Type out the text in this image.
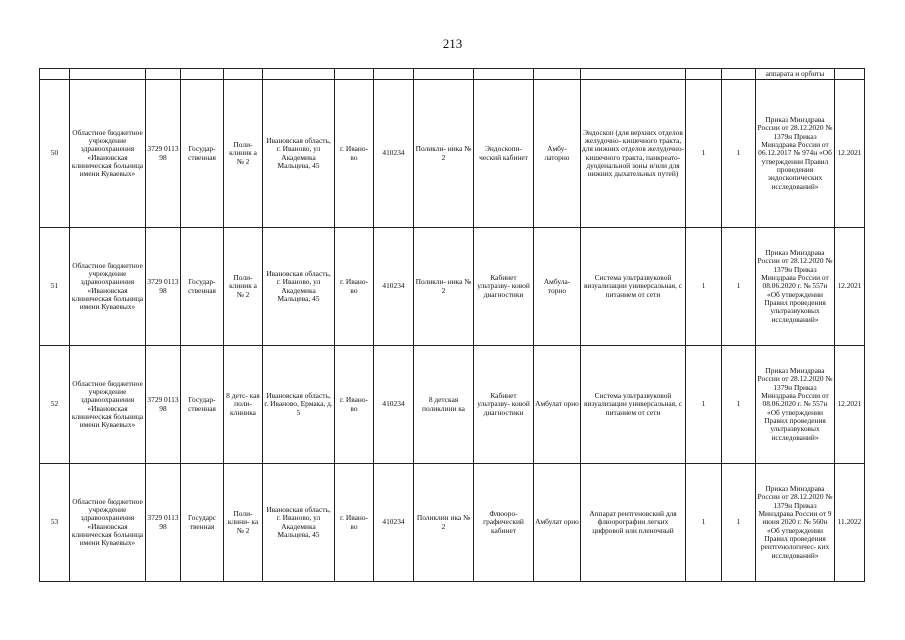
213
														аппарата и орбиты	
50	Областное бюджетное учреждение здравоохранения «Ивановская клиническая больница имени Куваевых»	3729 0113 98	Государ- ственная	Поли- клиник а № 2	Ивановская область, г. Иваново, ул Академика Мальцева, 45	г. Ивано- во	410234	Поликли- ника № 2	Эндоскопи- ческий кабинет	Амбу- латорно	Эндоскоп (для верхних отделов желудочно- кишечного тракта, для нижних отделов желудочно- кишечного тракта, панкреато- дуоденальной зоны и/или для нижних дыхательных путей)	1	1	Приказ Минздрава России от 28.12.2020 № 1379н Приказ Минздрава России от 06.12.2017 № 974н «Об утверждении Правил проведения эндоскопических исследований»	12.2021
51	Областное бюджетное учреждение здравоохранения «Ивановская клиническая больница имени Куваевых»	3729 0113 98	Государ- ственная	Поли- клиник а № 2	Ивановская область, г. Иваново, ул Академика Мальцева, 45	г. Ивано- во	410234	Поликли- ника № 2	Кабинет ультразву- ковой диагностики	Амбула- торно	Система ультразвуковой визуализации универсальная, с питанием от сети	1	1	Приказ Минздрава России от 28.12.2020 № 1379н Приказ Минздрава России от 08.06.2020 г. № 557н «Об утверждении Правил проведения ультразвуковых исследований»	12.2021
52	Областное бюджетное учреждение здравоохранения «Ивановская клиническая больница имени Куваевых»	3729 0113 98	Государ- ственная	8 детс- кая поли- клиника	Ивановская область, г. Иваново, Ермака, д. 5	г. Ивано- во	410234	8 детская поликлини ка	Кабинет ультразву- ковой диагностики	Амбулат орно	Система ультразвуковой визуализации универсальная, с питанием от сети	1	1	Приказ Минздрава России от 28.12.2020 № 1379н Приказ Минздрава России от 08.06.2020 г. № 557н «Об утверждении Правил проведения ультразвуковых исследований»	12.2021
53	Областное бюджетное учреждение здравоохранения «Ивановская клиническая больница имени Куваевых»	3729 0113 98	Государс твенная	Поли- клини- ка № 2	Ивановская область, г. Иваново, ул Академика Мальцева, 45	г. Ивано- во	410234	Поликлин ика № 2	Флюоро- графический кабинет	Амбулат орно	Аппарат рентгеновский для флюорографии легких цифровой или пленочный	1	1	Приказ Минздрава России от 28.12.2020 № 1379н Приказ Минздрава России от 9 июня 2020 г. № 560н «Об утверждении Правил проведения рентгенологичес- ких исследований»	11.2022
